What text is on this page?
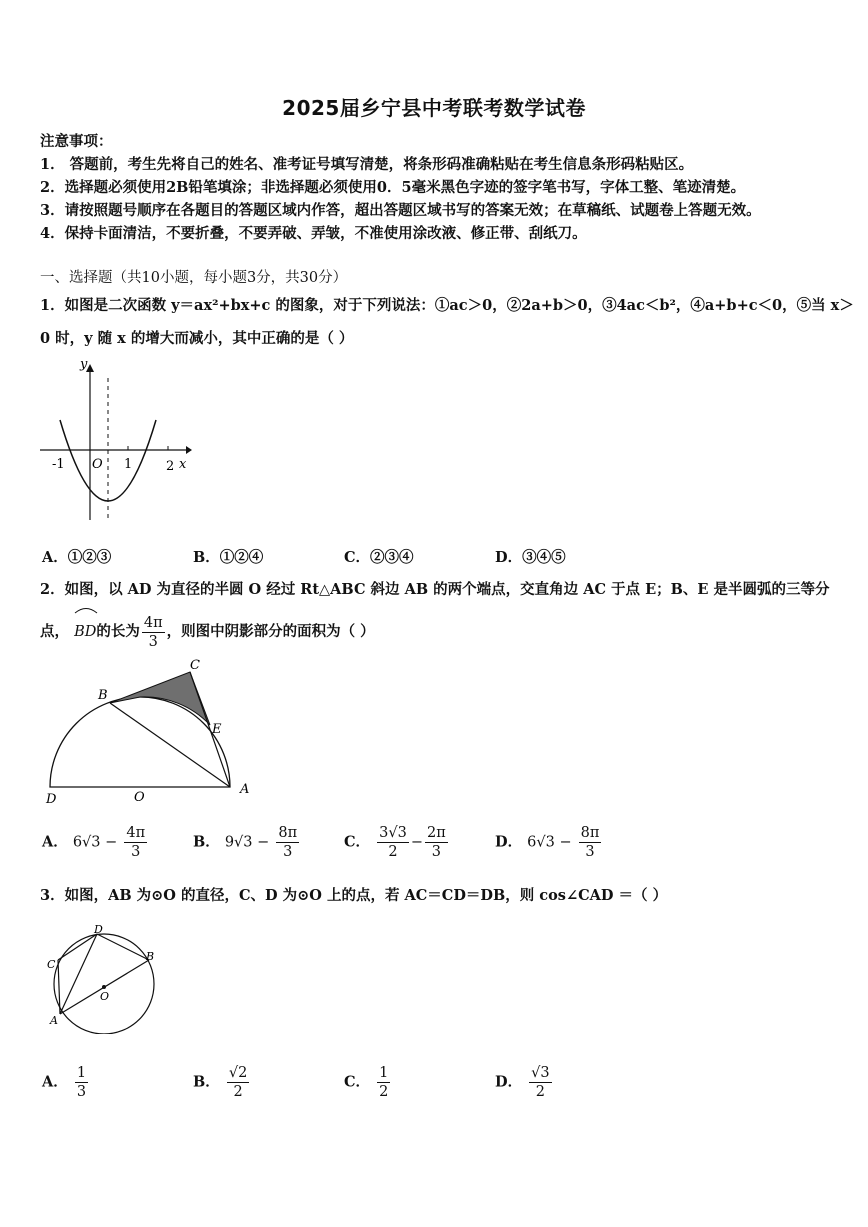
2025届乡宁县中考联考数学试卷
注意事项：
1． 答题前，考生先将自己的姓名、准考证号填写清楚，将条形码准确粘贴在考生信息条形码粘贴区。
2．选择题必须使用2B铅笔填涂；非选择题必须使用0．5毫米黑色字迹的签字笔书写，字体工整、笔迹清楚。
3．请按照题号顺序在各题目的答题区域内作答，超出答题区域书写的答案无效；在草稿纸、试题卷上答题无效。
4．保持卡面清洁，不要折叠，不要弄破、弄皱，不准使用涂改液、修正带、刮纸刀。
一、选择题（共10小题，每小题3分，共30分）
1．如图是二次函数 y＝ax²+bx+c 的图象，对于下列说法：①ac＞0，②2a+b＞0，③4ac＜b²，④a+b+c＜0，⑤当 x＞
0 时，y 随 x 的增大而减小，其中正确的是（ ）
y
x
O
-1	1	2
A．①②③	B．①②④	C．②③④	D．③④⑤
2．如图，以 AD 为直径的半圆 O 经过 Rt△ABC 斜边 AB 的两个端点，交直角边 AC 于点 E；B、E 是半圆弧的三等分
点， BD的长为 $\frac{4\pi}{3}$ ，则图中阴影部分的面积为（ ）
B
C
E
D	O
A
A． $6√3 - \frac{4\pi}{3}$	B． $9√3 - \frac{8\pi}{3}$	C． $\frac{3√3}{2} - \frac{2\pi}{3}$	D． $6√3 - \frac{8\pi}{3}$
3．如图，AB 为⊙O 的直径，C、D 为⊙O 上的点，若 AC＝CD＝DB，则 cos∠CAD ＝（ ）
D
C
B
O
A
A． $\frac{1}{3}$	B． $\frac{√2}{2}$	C． $\frac{1}{2}$	D． $\frac{√3}{2}$
